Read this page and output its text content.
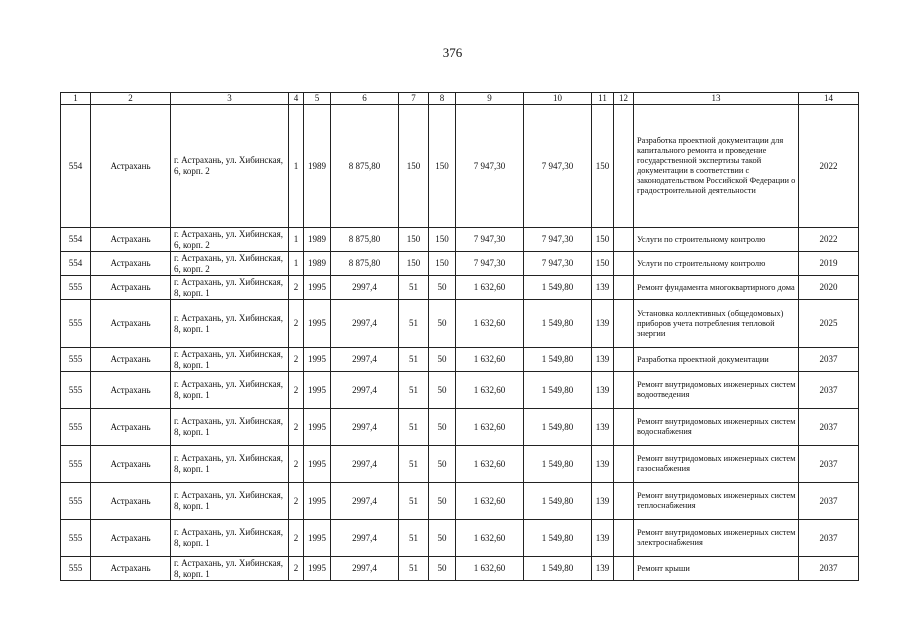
376
1	2	3	4	5	6	7	8	9	10	11	12	13	14
554	Астрахань	г. Астрахань, ул. Хибинская, 6, корп. 2	1	1989	8 875,80	150	150	7 947,30	7 947,30	150		Разработка проектной документации для капитального ремонта и проведение государственной экспертизы такой документации в соответствии с законодательством Российской Федерации о градостроительной деятельности	2022
554	Астрахань	г. Астрахань, ул. Хибинская, 6, корп. 2	1	1989	8 875,80	150	150	7 947,30	7 947,30	150		Услуги по строительному контролю	2022
554	Астрахань	г. Астрахань, ул. Хибинская, 6, корп. 2	1	1989	8 875,80	150	150	7 947,30	7 947,30	150		Услуги по строительному контролю	2019
555	Астрахань	г. Астрахань, ул. Хибинская, 8, корп. 1	2	1995	2997,4	51	50	1 632,60	1 549,80	139		Ремонт фундамента многоквартирного дома	2020
555	Астрахань	г. Астрахань, ул. Хибинская, 8, корп. 1	2	1995	2997,4	51	50	1 632,60	1 549,80	139		Установка коллективных (общедомовых) приборов учета потребления тепловой энергии	2025
555	Астрахань	г. Астрахань, ул. Хибинская, 8, корп. 1	2	1995	2997,4	51	50	1 632,60	1 549,80	139		Разработка проектной документации	2037
555	Астрахань	г. Астрахань, ул. Хибинская, 8, корп. 1	2	1995	2997,4	51	50	1 632,60	1 549,80	139		Ремонт внутридомовых инженерных систем водоотведения	2037
555	Астрахань	г. Астрахань, ул. Хибинская, 8, корп. 1	2	1995	2997,4	51	50	1 632,60	1 549,80	139		Ремонт внутридомовых инженерных систем водоснабжения	2037
555	Астрахань	г. Астрахань, ул. Хибинская, 8, корп. 1	2	1995	2997,4	51	50	1 632,60	1 549,80	139		Ремонт внутридомовых инженерных систем газоснабжения	2037
555	Астрахань	г. Астрахань, ул. Хибинская, 8, корп. 1	2	1995	2997,4	51	50	1 632,60	1 549,80	139		Ремонт внутридомовых инженерных систем теплоснабжения	2037
555	Астрахань	г. Астрахань, ул. Хибинская, 8, корп. 1	2	1995	2997,4	51	50	1 632,60	1 549,80	139		Ремонт внутридомовых инженерных систем электроснабжения	2037
555	Астрахань	г. Астрахань, ул. Хибинская, 8, корп. 1	2	1995	2997,4	51	50	1 632,60	1 549,80	139		Ремонт крыши	2037
